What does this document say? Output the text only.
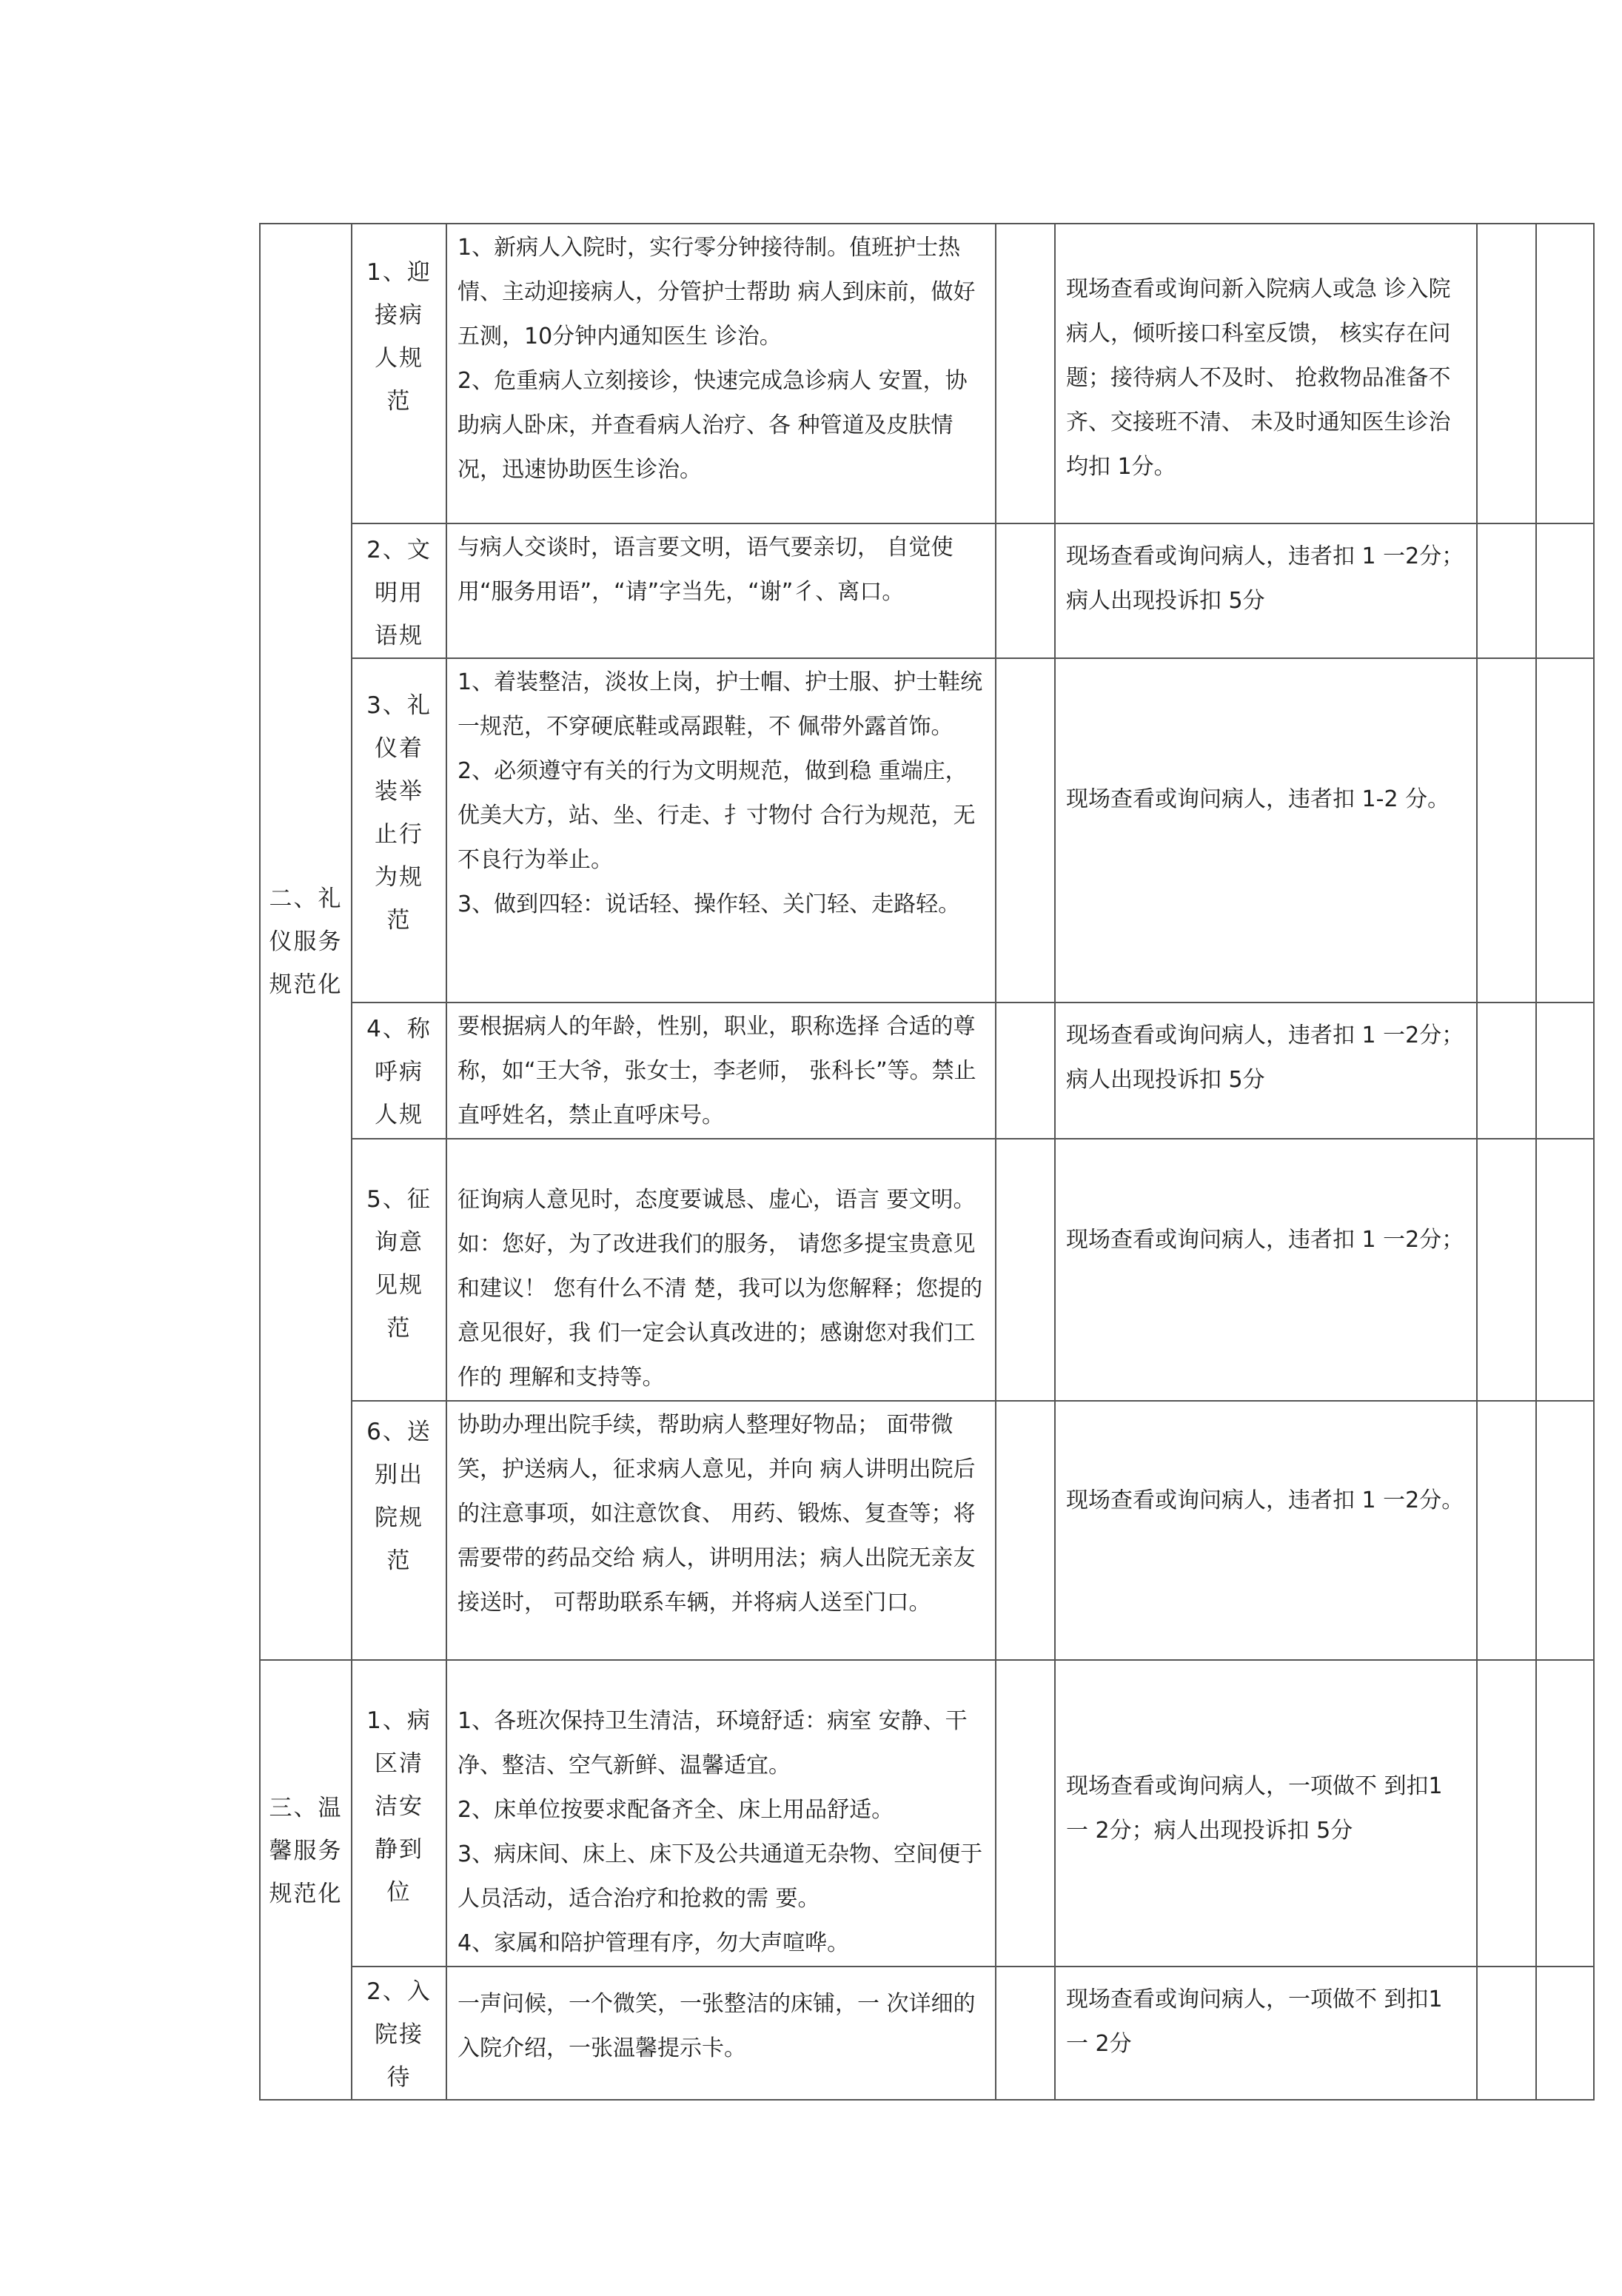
二、礼仪服务规范化	1、迎接病人规范	1、新病人入院时，实行零分钟接待制。值班护士热情、主动迎接病人，分管护士帮助 病人到床前，做好五测，10分钟内通知医生 诊治。

2、危重病人立刻接诊，快速完成急诊病人 安置，协助病人卧床，并查看病人治疗、各 种管道及皮肤情况，迅速协助医生诊治。		现场查看或询问新入院病人或急 诊入院病人，倾听接口科室反馈， 核实存在问题；接待病人不及时、 抢救物品准备不齐、交接班不清、 未及时通知医生诊治均扣 1分。		
	2、文明用语规	与病人交谈时，语言要文明，语气要亲切， 自觉使用“服务用语”，“请”字当先，“谢”彳、离口。		现场查看或询问病人，违者扣 1 一2分；病人出现投诉扣 5分		
	3、礼仪着装举止行为规范	1、着装整洁，淡妆上岗，护士帽、护士服、护士鞋统一规范，不穿硬底鞋或鬲跟鞋，不 佩带外露首饰。

2、必须遵守有关的行为文明规范，做到稳 重端庄，优美大方，站、坐、行走、扌寸物付 合行为规范，无不良行为举止。

3、做到四轻：说话轻、操作轻、关门轻、走路轻。		现场查看或询问病人，违者扣 1-2 分。		
	4、称呼病人规	要根据病人的年龄，性别，职业，职称选择 合适的尊称，如“王大爷，张女士，李老师， 张科长”等。禁止直呼姓名，禁止直呼床号。		现场查看或询问病人，违者扣 1 一2分；病人出现投诉扣 5分		
	5、征询意见规范	征询病人意见时，态度要诚恳、虚心，语言 要文明。如：您好，为了改进我们的服务， 请您多提宝贵意见和建议！ 您有什么不清 楚，我可以为您解释；您提的意见很好，我 们一定会认真改进的；感谢您对我们工作的 理解和支持等。		现场查看或询问病人，违者扣 1 一2分；		
	6、送别出院规范	协助办理出院手续，帮助病人整理好物品； 面带微笑，护送病人，征求病人意见，并向 病人讲明出院后的注意事项，如注意饮食、 用药、锻炼、复查等；将需要带的药品交给 病人，讲明用法；病人出院无亲友接送时， 可帮助联系车辆，并将病人送至门口。		现场查看或询问病人，违者扣 1 一2分。		
三、温馨服务规范化	1、病区清洁安静到位	1、各班次保持卫生清洁，环境舒适：病室 安静、干净、整洁、空气新鲜、温馨适宜。

2、床单位按要求配备齐全、床上用品舒适。

3、病床间、床上、床下及公共通道无杂物、空间便于人员活动，适合治疗和抢救的需 要。

4、家属和陪护管理有序，勿大声喧哗。		现场查看或询问病人，一项做不 到扣1 一 2分；病人出现投诉扣 5分		
	2、入院接待	一声问候，一个微笑，一张整洁的床铺，一 次详细的入院介绍，一张温馨提示卡。		现场查看或询问病人，一项做不 到扣1 一 2分		
